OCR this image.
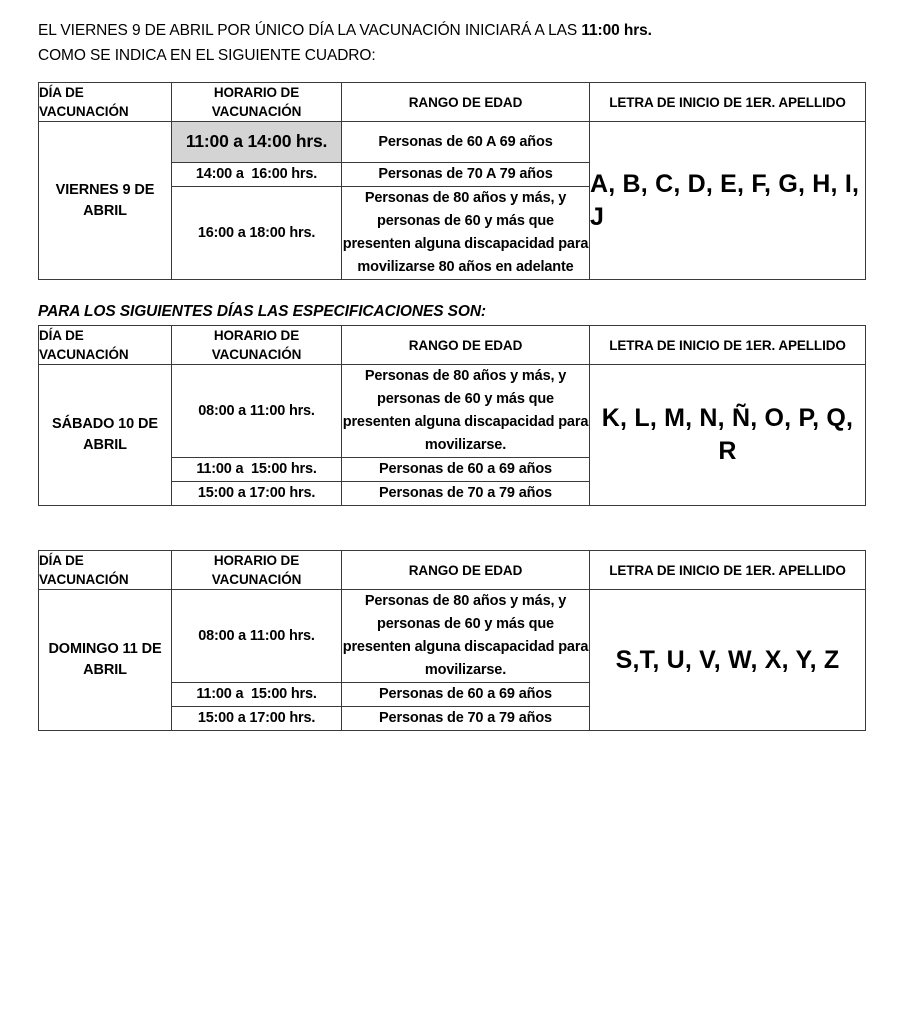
EL VIERNES 9 DE ABRIL POR ÚNICO DÍA LA VACUNACIÓN INICIARÁ A LAS 11:00 hrs.
COMO SE INDICA EN EL SIGUIENTE CUADRO:

DÍA DE VACUNACIÓN	HORARIO DE VACUNACIÓN	RANGO DE EDAD	LETRA DE INICIO DE 1ER. APELLIDO
VIERNES 9 DE ABRIL	11:00 a 14:00 hrs.	Personas de 60 A 69 años	A, B, C, D, E, F, G, H, I, J
	14:00 a  16:00 hrs.	Personas de 70 A 79 años	
	16:00 a 18:00 hrs.	Personas de 80 años y más, y personas de 60 y más que presenten alguna discapacidad para movilizarse 80 años en adelante	
PARA LOS SIGUIENTES DÍAS LAS ESPECIFICACIONES SON:
DÍA DE VACUNACIÓN	HORARIO DE VACUNACIÓN	RANGO DE EDAD	LETRA DE INICIO DE 1ER. APELLIDO
SÁBADO 10 DE ABRIL	08:00 a 11:00 hrs.	Personas de 80 años y más, y personas de 60 y más que presenten alguna discapacidad para movilizarse.	K, L, M, N, Ñ, O, P, Q, R
	11:00 a  15:00 hrs.	Personas de 60 a 69 años	
	15:00 a 17:00 hrs.	Personas de 70 a 79 años	
DÍA DE VACUNACIÓN	HORARIO DE VACUNACIÓN	RANGO DE EDAD	LETRA DE INICIO DE 1ER. APELLIDO
DOMINGO 11 DE ABRIL	08:00 a 11:00 hrs.	Personas de 80 años y más, y personas de 60 y más que presenten alguna discapacidad para movilizarse.	S,T, U, V, W, X, Y, Z
	11:00 a  15:00 hrs.	Personas de 60 a 69 años	
	15:00 a 17:00 hrs.	Personas de 70 a 79 años	
